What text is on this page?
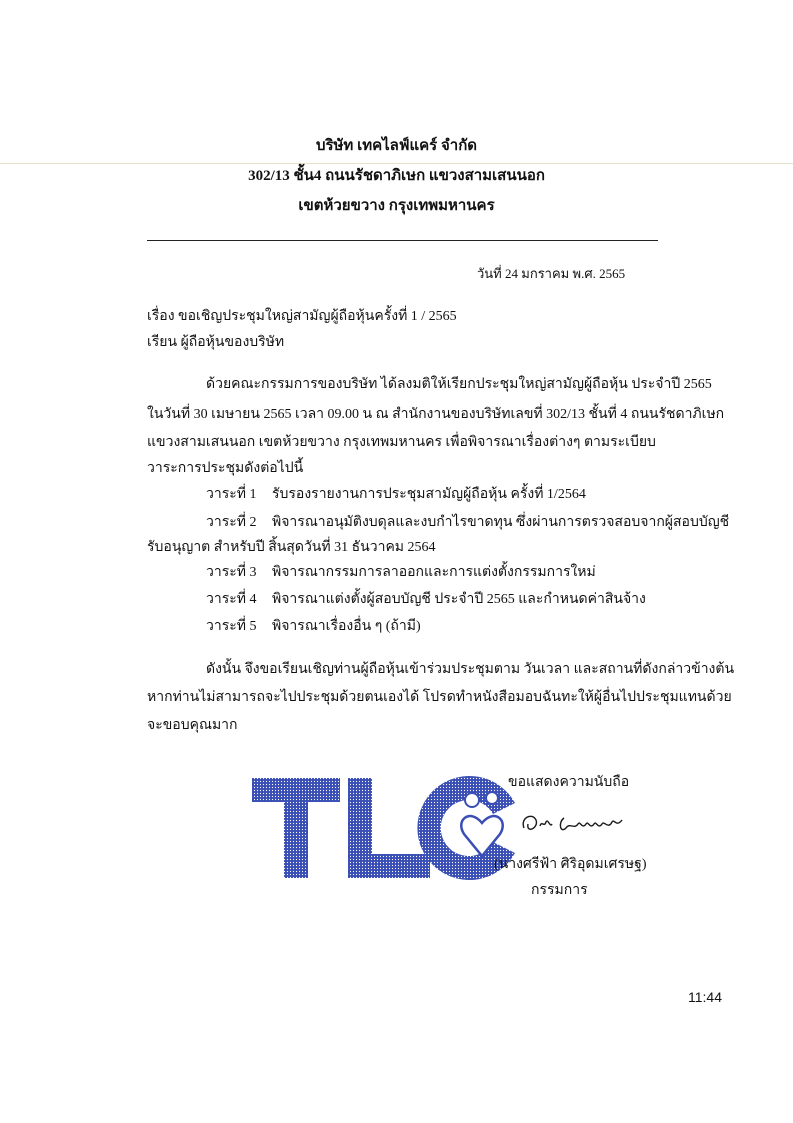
บริษัท เทคไลฟ์แคร์ จำกัด
302/13 ชั้น4 ถนนรัชดาภิเษก แขวงสามเสนนอก
เขตห้วยขวาง กรุงเทพมหานคร
วันที่ 24 มกราคม พ.ศ. 2565
เรื่อง ขอเชิญประชุมใหญ่สามัญผู้ถือหุ้นครั้งที่ 1 / 2565
เรียน ผู้ถือหุ้นของบริษัท
ด้วยคณะกรรมการของบริษัท ได้ลงมติให้เรียกประชุมใหญ่สามัญผู้ถือหุ้น ประจำปี 2565
ในวันที่ 30 เมษายน 2565 เวลา 09.00 น ณ สำนักงานของบริษัทเลขที่ 302/13 ชั้นที่ 4 ถนนรัชดาภิเษก
แขวงสามเสนนอก เขตห้วยขวาง กรุงเทพมหานคร เพื่อพิจารณาเรื่องต่างๆ ตามระเบียบ
วาระการประชุมดังต่อไปนี้
วาระที่ 1 รับรองรายงานการประชุมสามัญผู้ถือหุ้น ครั้งที่ 1/2564
วาระที่ 2 พิจารณาอนุมัติงบดุลและงบกำไรขาดทุน ซึ่งผ่านการตรวจสอบจากผู้สอบบัญชี
รับอนุญาต สำหรับปี สิ้นสุดวันที่ 31 ธันวาคม 2564
วาระที่ 3 พิจารณากรรมการลาออกและการแต่งตั้งกรรมการใหม่
วาระที่ 4 พิจารณาแต่งตั้งผู้สอบบัญชี ประจำปี 2565 และกำหนดค่าสินจ้าง
วาระที่ 5 พิจารณาเรื่องอื่น ๆ (ถ้ามี)
ดังนั้น จึงขอเรียนเชิญท่านผู้ถือหุ้นเข้าร่วมประชุมตาม วันเวลา และสถานที่ดังกล่าวข้างต้น
หากท่านไม่สามารถจะไปประชุมด้วยตนเองได้ โปรดทำหนังสือมอบฉันทะให้ผู้อื่นไปประชุมแทนด้วย
จะขอบคุณมาก
ขอแสดงความนับถือ
(นางศรีฟ้า ศิริอุดมเศรษฐ)
กรรมการ
11:44
